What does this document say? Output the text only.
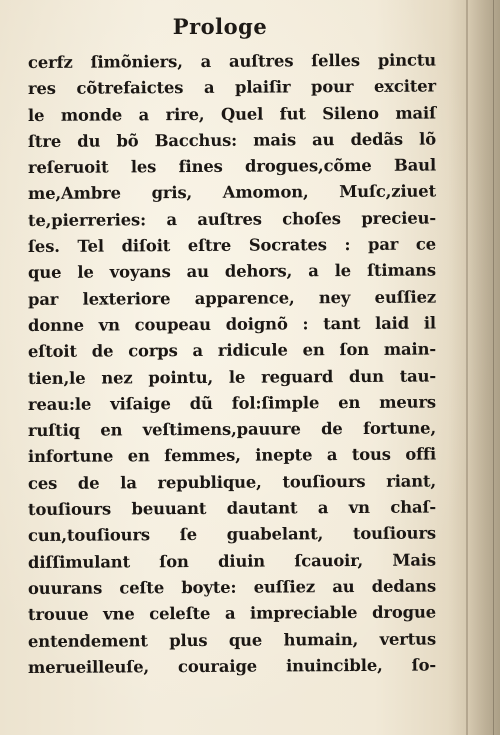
Prologe
cerfz ſimõniers, a auſtres ſelles pinctu
res cõtrefaictes a plaiſir pour exciter
le monde a rire, Quel fut Sileno maiſ
ſtre du bõ Bacchus: mais au dedãs lõ
reſeruoit les fines drogues,cõme Baul
me,Ambre gris, Amomon, Muſc,ziuet
te,pierreries: a auſtres choſes precieu-
ſes. Tel diſoit eſtre Socrates : par ce
que le voyans au dehors, a le ſtimans
par lexteriore apparence, ney euſſiez
donne vn coupeau doignõ : tant laid il
eſtoit de corps a ridicule en ſon main-
tien,le nez pointu, le reguard dun tau-
reau:le viſaige dũ fol:ſimple en meurs
ruſtiq en veſtimens,pauure de fortune,
infortune en femmes, inepte a tous offi
ces de la republique, touſiours riant,
touſiours beuuant dautant a vn chaſ-
cun,touſiours ſe guabelant, touſiours
diſſimulant ſon diuin ſcauoir, Mais
ouurans ceſte boyte: euſſiez au dedans
trouue vne celeſte a impreciable drogue
entendement plus que humain, vertus
merueilleuſe, couraige inuincible, ſo-
